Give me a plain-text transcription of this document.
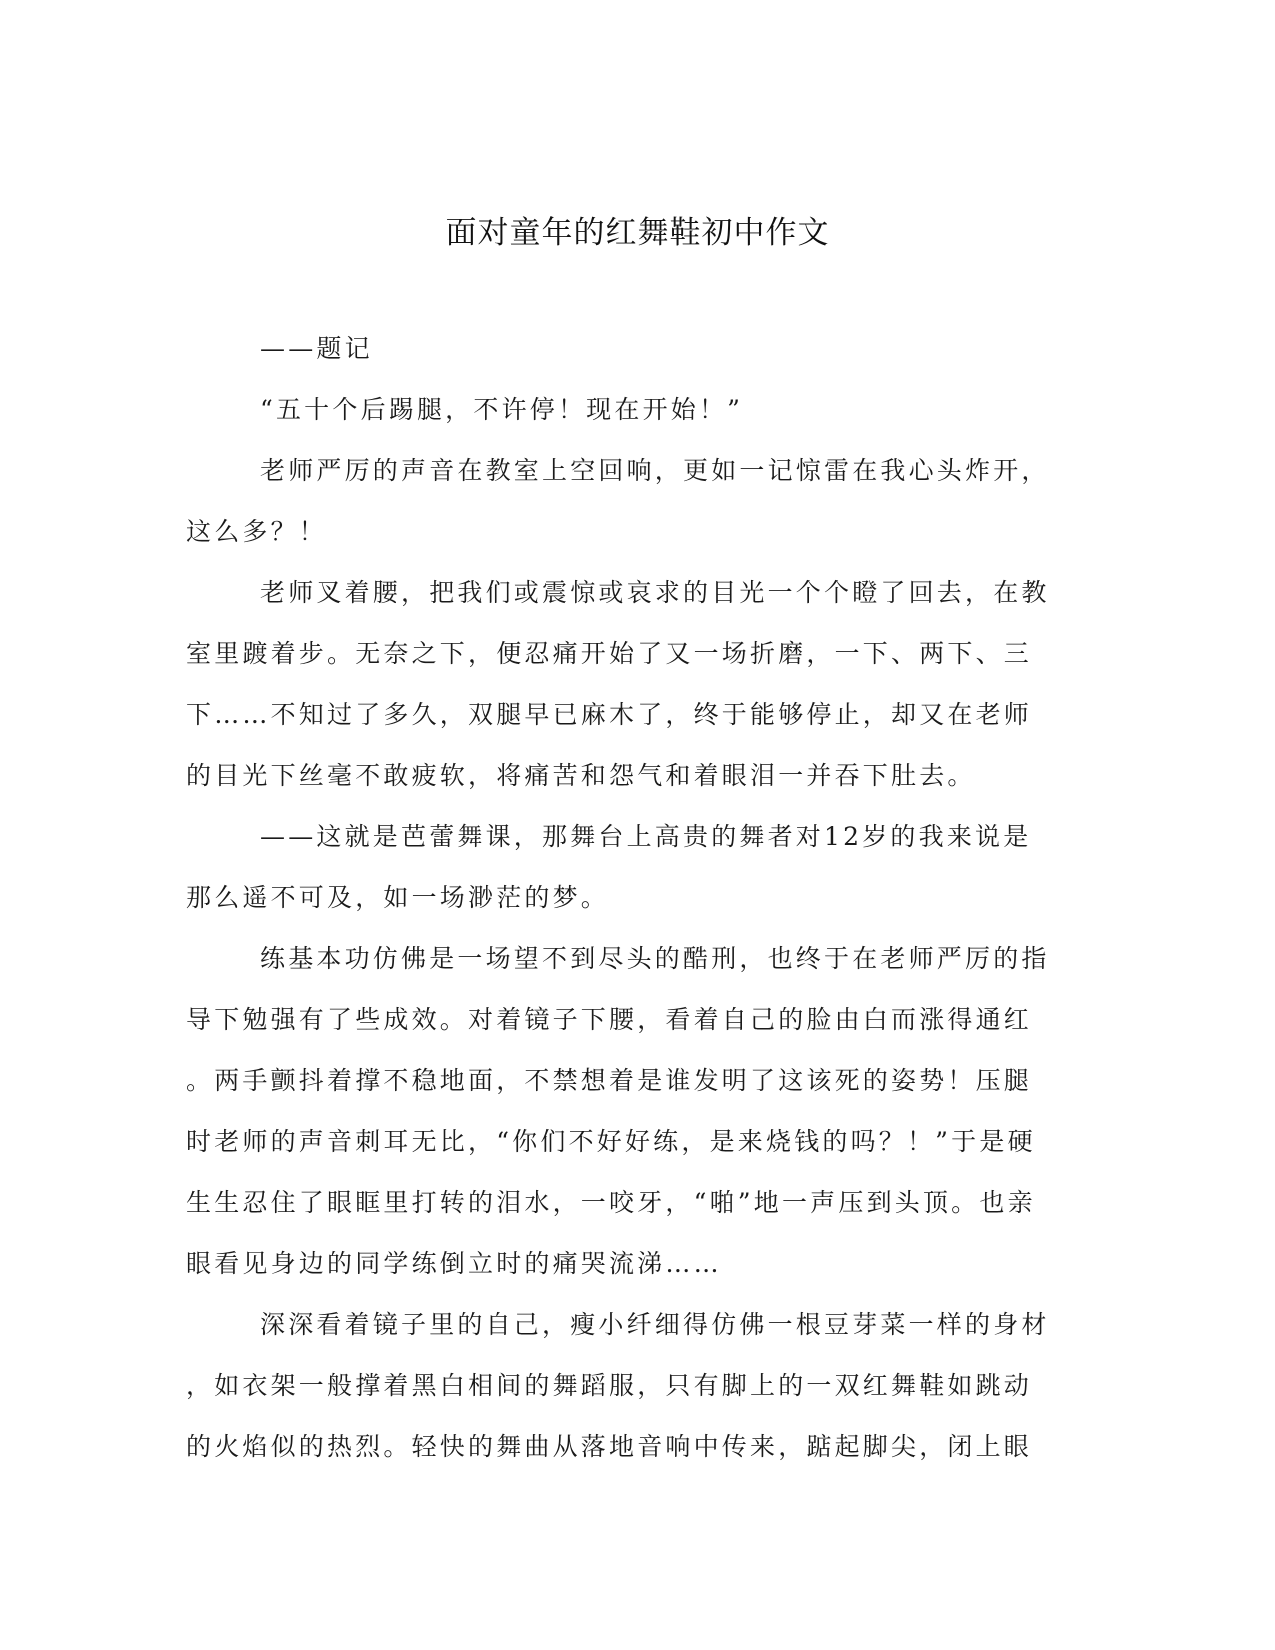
面对童年的红舞鞋初中作文
——题记
“五十个后踢腿，不许停！现在开始！”
老师严厉的声音在教室上空回响，更如一记惊雷在我心头炸开，
这么多？！
老师叉着腰，把我们或震惊或哀求的目光一个个瞪了回去，在教
室里踱着步。无奈之下，便忍痛开始了又一场折磨，一下、两下、三
下……不知过了多久，双腿早已麻木了，终于能够停止，却又在老师
的目光下丝毫不敢疲软，将痛苦和怨气和着眼泪一并吞下肚去。
——这就是芭蕾舞课，那舞台上高贵的舞者对12岁的我来说是
那么遥不可及，如一场渺茫的梦。
练基本功仿佛是一场望不到尽头的酷刑，也终于在老师严厉的指
导下勉强有了些成效。对着镜子下腰，看着自己的脸由白而涨得通红
。两手颤抖着撑不稳地面，不禁想着是谁发明了这该死的姿势！压腿
时老师的声音刺耳无比，“你们不好好练，是来烧钱的吗？！”于是硬
生生忍住了眼眶里打转的泪水，一咬牙，“啪”地一声压到头顶。也亲
眼看见身边的同学练倒立时的痛哭流涕……
深深看着镜子里的自己，瘦小纤细得仿佛一根豆芽菜一样的身材
，如衣架一般撑着黑白相间的舞蹈服，只有脚上的一双红舞鞋如跳动
的火焰似的热烈。轻快的舞曲从落地音响中传来，踮起脚尖，闭上眼
